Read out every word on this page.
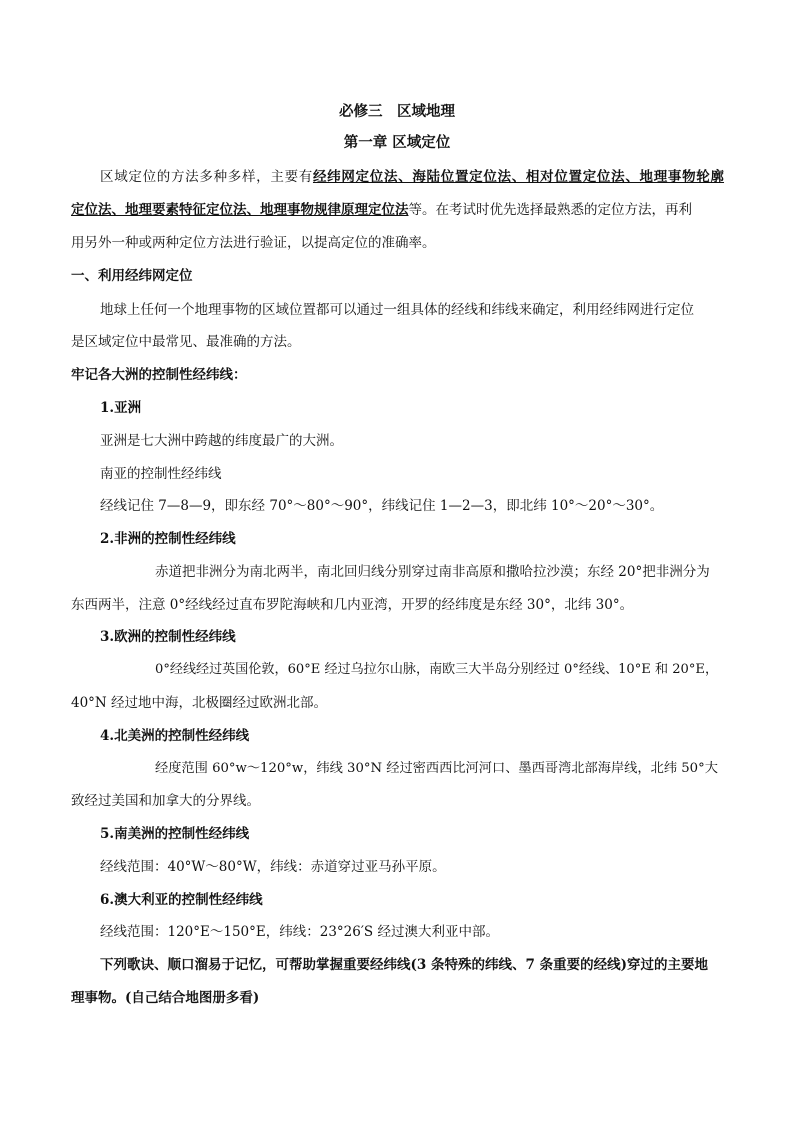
必修三　区域地理
第一章 区域定位
区域定位的方法多种多样，主要有经纬网定位法、海陆位置定位法、相对位置定位法、地理事物轮廓
定位法、地理要素特征定位法、地理事物规律原理定位法等。在考试时优先选择最熟悉的定位方法，再利
用另外一种或两种定位方法进行验证，以提高定位的准确率。
一、利用经纬网定位
地球上任何一个地理事物的区域位置都可以通过一组具体的经线和纬线来确定，利用经纬网进行定位
是区域定位中最常见、最准确的方法。
牢记各大洲的控制性经纬线：
1.亚洲
亚洲是七大洲中跨越的纬度最广的大洲。
南亚的控制性经纬线
经线记住 7—8—9，即东经 70°～80°～90°，纬线记住 1—2—3，即北纬 10°～20°～30°。
2.非洲的控制性经纬线
赤道把非洲分为南北两半，南北回归线分别穿过南非高原和撒哈拉沙漠；东经 20°把非洲分为
东西两半，注意 0°经线经过直布罗陀海峡和几内亚湾，开罗的经纬度是东经 30°，北纬 30°。
3.欧洲的控制性经纬线
0°经线经过英国伦敦，60°E 经过乌拉尔山脉，南欧三大半岛分别经过 0°经线、10°E 和 20°E，
40°N 经过地中海，北极圈经过欧洲北部。
4.北美洲的控制性经纬线
经度范围 60°w～120°w，纬线 30°N 经过密西西比河河口、墨西哥湾北部海岸线，北纬 50°大
致经过美国和加拿大的分界线。
5.南美洲的控制性经纬线
经线范围：40°W～80°W，纬线：赤道穿过亚马孙平原。
6.澳大利亚的控制性经纬线
经线范围：120°E～150°E，纬线：23°26′S 经过澳大利亚中部。
下列歌诀、顺口溜易于记忆，可帮助掌握重要经纬线(3 条特殊的纬线、7 条重要的经线)穿过的主要地
理事物。(自己结合地图册多看)
